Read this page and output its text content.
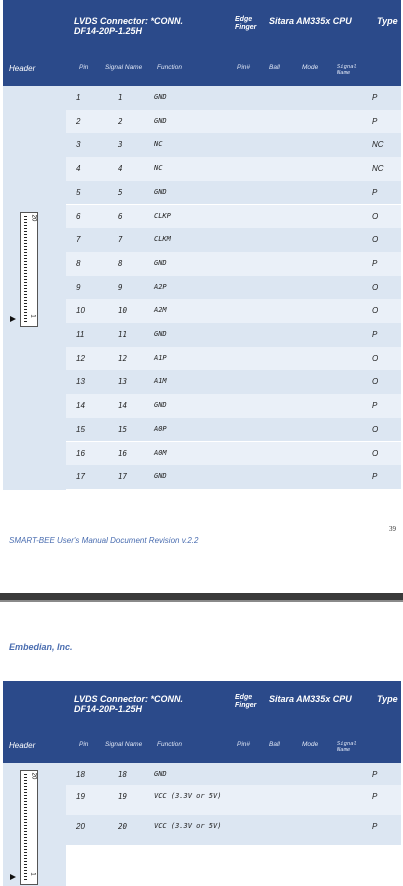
LVDS Connector: *CONN. DF14-20P-1.25H
Edge Finger
Sitara AM335x CPU	Type
Header	Pin	Signal Name Function	Pin#	Ball	Mode	Signal Name
20
1
1	1	GND	P
2	2	GND	P
3	3	NC	NC
4	4	NC	NC
5	5	GND	P
6	6	CLKP	O
7	7	CLKM	O
8	8	GND	P
9	9	A2P	O
10	10	A2M	O
11	11	GND	P
12	12	A1P	O
13	13	A1M	O
14	14	GND	P
15	15	A0P	O
16	16	A0M	O
17	17	GND	P
39
SMART-BEE User's Manual Document Revision v.2.2
Embedian, Inc.
LVDS Connector: *CONN. DF14-20P-1.25H
Edge Finger
Sitara AM335x CPU	Type
Header	Pin	Signal Name Function	Pin#	Ball	Mode	Signal Name
20
1
18	18	GND	P
19	19	VCC (3.3V or 5V)	P
20	20	VCC (3.3V or 5V)	P
